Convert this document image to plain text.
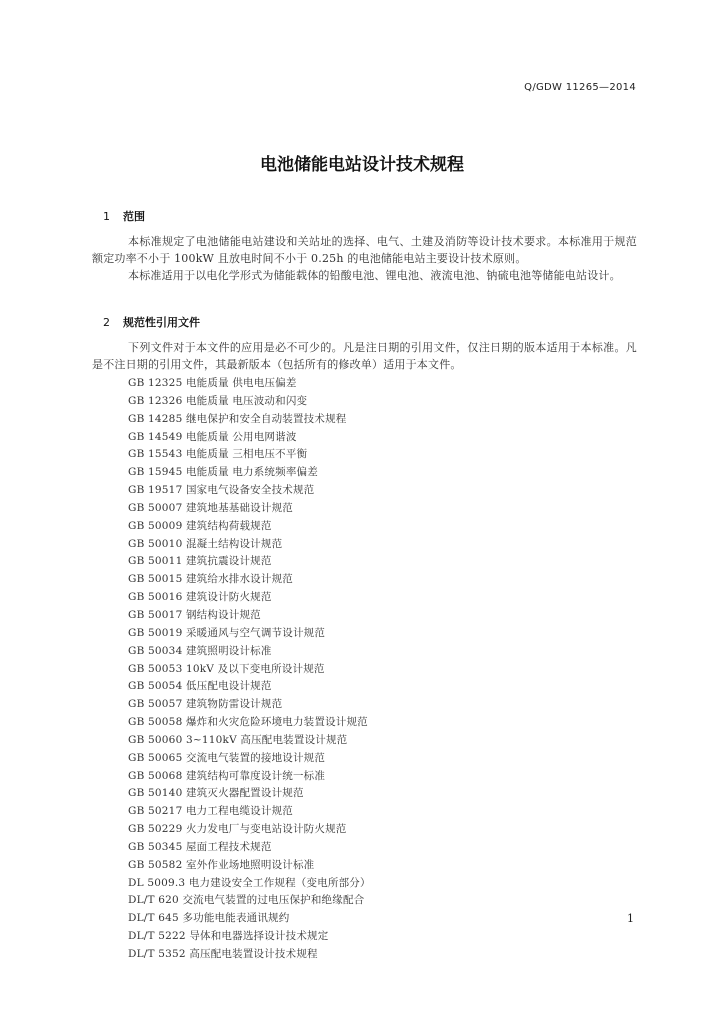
Q/GDW 11265—2014
电池储能电站设计技术规程
1 范围
本标准规定了电池储能电站建设和关站址的选择、电气、土建及消防等设计技术要求。本标准用于规范额定功率不小于 100kW 且放电时间不小于 0.25h 的电池储能电站主要设计技术原则。
本标准适用于以电化学形式为储能载体的铅酸电池、锂电池、液流电池、钠硫电池等储能电站设计。
2 规范性引用文件
下列文件对于本文件的应用是必不可少的。凡是注日期的引用文件，仅注日期的版本适用于本标准。凡是不注日期的引用文件，其最新版本（包括所有的修改单）适用于本文件。
GB 12325 电能质量 供电电压偏差
GB 12326 电能质量 电压波动和闪变
GB 14285 继电保护和安全自动装置技术规程
GB 14549 电能质量 公用电网谐波
GB 15543 电能质量 三相电压不平衡
GB 15945 电能质量 电力系统频率偏差
GB 19517 国家电气设备安全技术规范
GB 50007 建筑地基基础设计规范
GB 50009 建筑结构荷载规范
GB 50010 混凝土结构设计规范
GB 50011 建筑抗震设计规范
GB 50015 建筑给水排水设计规范
GB 50016 建筑设计防火规范
GB 50017 钢结构设计规范
GB 50019 采暖通风与空气调节设计规范
GB 50034 建筑照明设计标准
GB 50053 10kV 及以下变电所设计规范
GB 50054 低压配电设计规范
GB 50057 建筑物防雷设计规范
GB 50058 爆炸和火灾危险环境电力装置设计规范
GB 50060 3~110kV 高压配电装置设计规范
GB 50065 交流电气装置的接地设计规范
GB 50068 建筑结构可靠度设计统一标准
GB 50140 建筑灭火器配置设计规范
GB 50217 电力工程电缆设计规范
GB 50229 火力发电厂与变电站设计防火规范
GB 50345 屋面工程技术规范
GB 50582 室外作业场地照明设计标准
DL 5009.3 电力建设安全工作规程（变电所部分）
DL/T 620 交流电气装置的过电压保护和绝缘配合
DL/T 645 多功能电能表通讯规约
DL/T 5222 导体和电器选择设计技术规定
DL/T 5352 高压配电装置设计技术规程
1
